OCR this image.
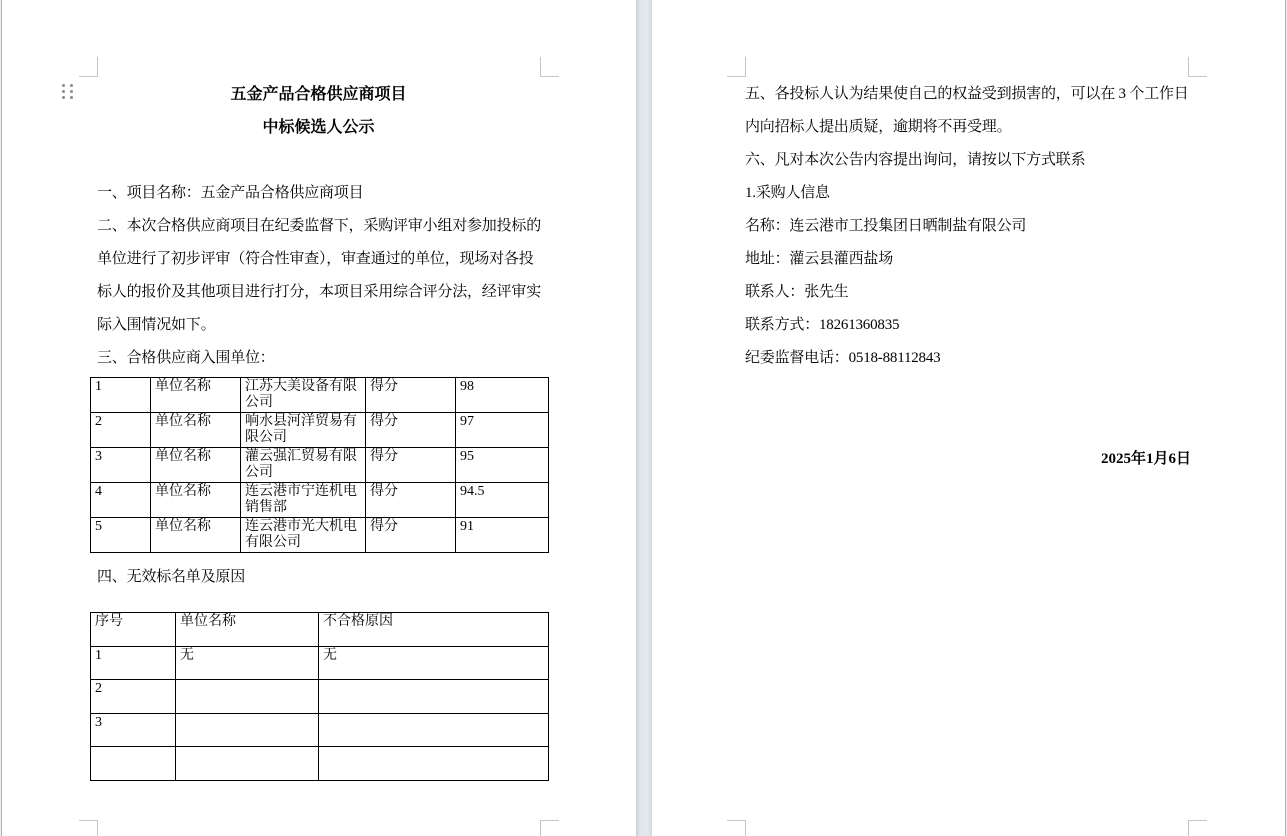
五金产品合格供应商项目
中标候选人公示
一、项目名称：五金产品合格供应商项目
二、本次合格供应商项目在纪委监督下，采购评审小组对参加投标的
单位进行了初步评审（符合性审查），审查通过的单位，现场对各投
标人的报价及其他项目进行打分，本项目采用综合评分法，经评审实
际入围情况如下。
三、合格供应商入围单位：
1	单位名称	江苏大美设备有限公司	得分	98
2	单位名称	响水县河洋贸易有限公司	得分	97
3	单位名称	灌云强汇贸易有限公司	得分	95
4	单位名称	连云港市宁连机电销售部	得分	94.5
5	单位名称	连云港市光大机电有限公司	得分	91
四、无效标名单及原因
序号	单位名称	不合格原因
1	无	无
2		
3		

五、各投标人认为结果使自己的权益受到损害的，可以在 3 个工作日
内向招标人提出质疑，逾期将不再受理。
六、凡对本次公告内容提出询问，请按以下方式联系
1.采购人信息
名称：连云港市工投集团日晒制盐有限公司
地址：灌云县灌西盐场
联系人：张先生
联系方式：18261360835
纪委监督电话：0518-88112843
2025年1月6日
